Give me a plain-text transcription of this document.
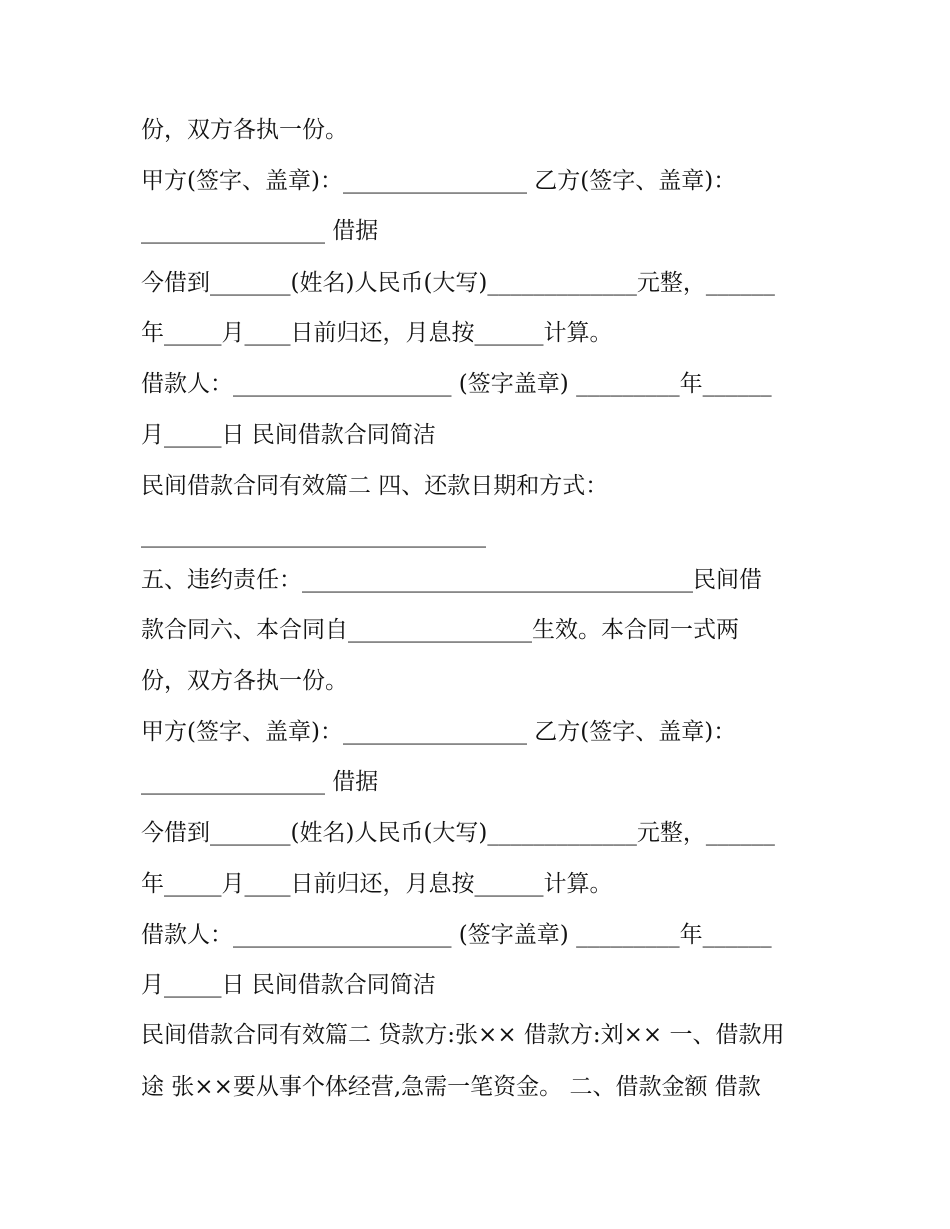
份，双方各执一份。

甲方(签字、盖章)：________________ 乙方(签字、盖章)：

________________ 借据

今借到_______(姓名)人民币(大写)_____________元整，______

年_____月____日前归还，月息按______计算。

借款人：___________________ (签字盖章) _________年______

月_____日 民间借款合同简洁

民间借款合同有效篇二 四、还款日期和方式：

______________________________

五、违约责任：__________________________________民间借

款合同六、本合同自________________生效。本合同一式两

份，双方各执一份。

甲方(签字、盖章)：________________ 乙方(签字、盖章)：

________________ 借据

今借到_______(姓名)人民币(大写)_____________元整，______

年_____月____日前归还，月息按______计算。

借款人：___________________ (签字盖章) _________年______

月_____日 民间借款合同简洁

民间借款合同有效篇二 贷款方:张×× 借款方:刘×× 一、借款用

途 张××要从事个体经营,急需一笔资金。 二、借款金额 借款
